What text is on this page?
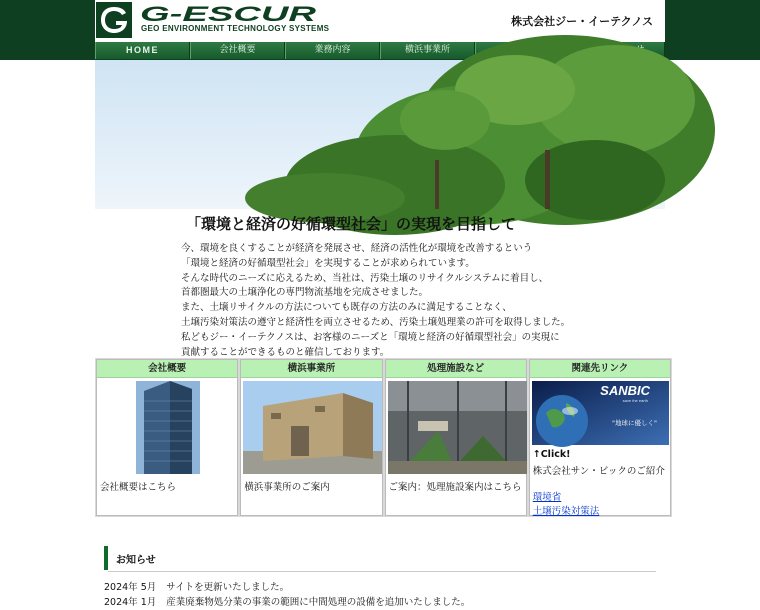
G-ESCUR
GEO ENVIRONMENT TECHNOLOGY SYSTEMS
株式会社ジー・イーテクノス
HOME	会社概要	業務内容	横浜事業所
「環境と経済の好循環型社会」の実現を目指して

今、環境を良くすることが経済を発展させ、経済の活性化が環境を改善するという

「環境と経済の好循環型社会」を実現することが求められています。

そんな時代のニーズに応えるため、当社は、汚染土壌のリサイクルシステムに着目し、

首都圏最大の土壌浄化の専門物流基地を完成させました。

また、土壌リサイクルの方法についても既存の方法のみに満足することなく、

土壌汚染対策法の遵守と経済性を両立させるため、汚染土壌処理業の許可を取得しました。

私どもジー・イーテクノスは、お客様のニーズと「環境と経済の好循環型社会」の実現に

貢献することができるものと確信しております。

会社概要
会社概要はこちら
横浜事業所
横浜事業所のご案内
処理施設など
ご案内：処理施設案内はこちら
関連先リンク
SANBIC
save the earth
"地球に優しく"
↑Click!
株式会社サン・ビックのご紹介
環境省
土壌汚染対策法
お知らせ
2024年 5月 サイトを更新いたしました。
2024年 1月 産業廃棄物処分業の事業の範囲に中間処理の設備を追加いたしました。
